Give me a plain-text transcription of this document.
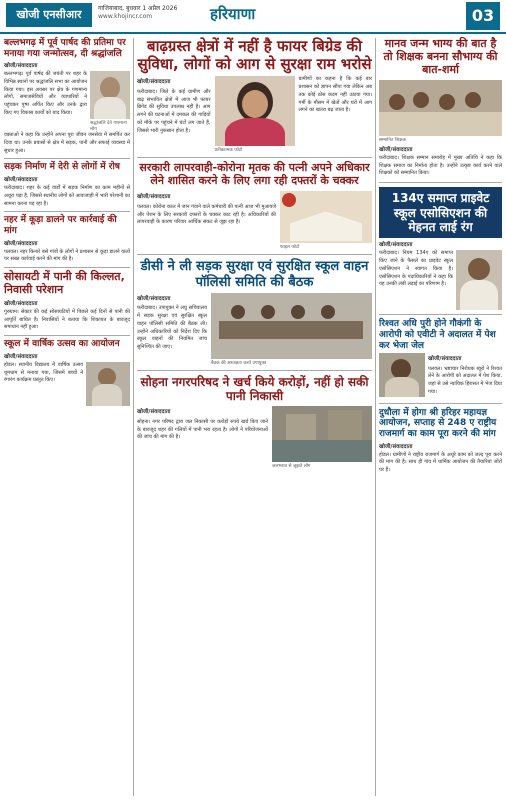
खोजी एनसीआर	गाजियाबाद, बुधवार 1 अप्रैल 2026
www.khojincr.com	हरियाणा	03
बल्लभगढ़ में पूर्व पार्षद की प्रतिमा पर मनाया गया जन्मोत्सव, दी श्रद्धांजलि
खोजी/संवाददाता

बल्लभगढ़। पूर्व पार्षद की जयंती पर शहर के विभिन्न स्थानों पर श्रद्धांजलि सभा का आयोजन किया गया। इस अवसर पर क्षेत्र के गणमान्य लोगों, समाजसेवियों और व्यापारियों ने पहुंचकर पुष्प अर्पित किए और उनके द्वारा किए गए विकास कार्यों को याद किया।

श्रद्धांजलि देते गणमान्य लोग

वक्ताओं ने कहा कि उन्होंने अपना पूरा जीवन जनसेवा में समर्पित कर दिया था। उनके प्रयासों से क्षेत्र में सड़क, पानी और सफाई व्यवस्था में सुधार हुआ।

सड़क निर्माण में देरी से लोगों में रोष
खोजी/संवाददाता

फरीदाबाद। शहर के कई वार्डों में सड़क निर्माण का काम महीनों से अधूरा पड़ा है, जिससे स्थानीय लोगों को आवाजाही में भारी परेशानी का सामना करना पड़ रहा है।

नहर में कूड़ा डालने पर कार्रवाई की मांग
खोजी/संवाददाता

पलवल। नहर किनारे बसे गांवों के लोगों ने प्रशासन से कूड़ा डालने वालों पर सख्त कार्रवाई करने की मांग की है।

सोसायटी में पानी की किल्लत, निवासी परेशान
खोजी/संवाददाता

गुरुग्राम। सेक्टर की कई सोसायटियों में पिछले कई दिनों से पानी की आपूर्ति बाधित है। निवासियों ने बताया कि शिकायत के बावजूद समाधान नहीं हुआ।

स्कूल में वार्षिक उत्सव का आयोजन
खोजी/संवाददाता

होडल। स्थानीय विद्यालय में वार्षिक उत्सव धूमधाम से मनाया गया, जिसमें बच्चों ने रंगारंग कार्यक्रम प्रस्तुत किए।

बाढ़ग्रस्त क्षेत्रों में नहीं है फायर बिग्रेड की सुविधा, लोगों को आग से सुरक्षा राम भरोसे
खोजी/संवाददाता

फरीदाबाद। जिले के कई ग्रामीण और बाढ़ संभावित क्षेत्रों में आज भी फायर ब्रिगेड की सुविधा उपलब्ध नहीं है। आग लगने की घटनाओं में दमकल की गाड़ियों को मौके पर पहुंचने में घंटों लग जाते हैं, जिससे भारी नुकसान होता है।

प्रतीकात्मक फोटो

ग्रामीणों का कहना है कि कई बार प्रशासन को ज्ञापन सौंपा गया लेकिन अब तक कोई ठोस कदम नहीं उठाया गया। गर्मी के मौसम में खेतों और घरों में आग लगने का खतरा बढ़ जाता है।

सरकारी लापरवाही-कोरोना मृतक की पत्नी अपने अधिकार लेने शासित करने के लिए लगा रही दफ्तरों के चक्कर
खोजी/संवाददाता

पलवल। कोरोना काल में जान गंवाने वाले कर्मचारी की पत्नी आज भी मुआवजे और पेंशन के लिए सरकारी दफ्तरों के चक्कर काट रही है। अधिकारियों की लापरवाही के कारण परिवार आर्थिक संकट से जूझ रहा है।

फाइल फोटो
डीसी ने ली सड़क सुरक्षा एवं सुरक्षित स्कूल वाहन पॉलिसी समिति की बैठक
खोजी/संवाददाता

फरीदाबाद। उपायुक्त ने लघु सचिवालय में सड़क सुरक्षा एवं सुरक्षित स्कूल वाहन पॉलिसी समिति की बैठक ली। उन्होंने अधिकारियों को निर्देश दिए कि स्कूल वाहनों की नियमित जांच सुनिश्चित की जाए।

बैठक की अध्यक्षता करते उपायुक्त
सोहना नगरपरिषद ने खर्च किये करोड़ों, नहीं हो सकी पानी निकासी
खोजी/संवाददाता

सोहना। नगर परिषद द्वारा जल निकासी पर करोड़ों रुपये खर्च किए जाने के बावजूद शहर की गलियों में पानी भरा रहता है। लोगों ने परियोजनाओं की जांच की मांग की है।

जलभराव से जूझते लोग
मानव जन्म भाग्य की बात है तो शिक्षक बनना सौभाग्य की बात-शर्मा
सम्मानित शिक्षक
खोजी/संवाददाता

फरीदाबाद। शिक्षक सम्मान समारोह में मुख्य अतिथि ने कहा कि शिक्षक समाज का निर्माता होता है। उन्होंने उत्कृष्ट कार्य करने वाले शिक्षकों को सम्मानित किया।

134ए समाप्त प्राइवेट स्कूल एसोसिएशन की मेहनत लाई रंग
खोजी/संवाददाता

फरीदाबाद। नियम 134ए को समाप्त किए जाने के फैसले का प्राइवेट स्कूल एसोसिएशन ने स्वागत किया है। एसोसिएशन के पदाधिकारियों ने कहा कि यह उनकी लंबी लड़ाई का परिणाम है।

रिश्वत अधि पुरी होने गौकंगी के आरोपी को एवीटी ने अदालत में पेश कर भेजा जेल
खोजी/संवाददाता

पलवल। भ्रष्टाचार निरोधक ब्यूरो ने रिश्वत लेने के आरोपी को अदालत में पेश किया, जहां से उसे न्यायिक हिरासत में भेज दिया गया।

दुधौला में होगा श्री हरिहर महायज्ञ आयोजन, सप्ताह से 248 ए राष्ट्रीय राजमार्ग का काम पूरा करने की मांग
खोजी/संवाददाता

होडल। ग्रामीणों ने राष्ट्रीय राजमार्ग के अधूरे काम को जल्द पूरा करने की मांग की है। साथ ही गांव में धार्मिक आयोजन की तैयारियां जोरों पर हैं।
